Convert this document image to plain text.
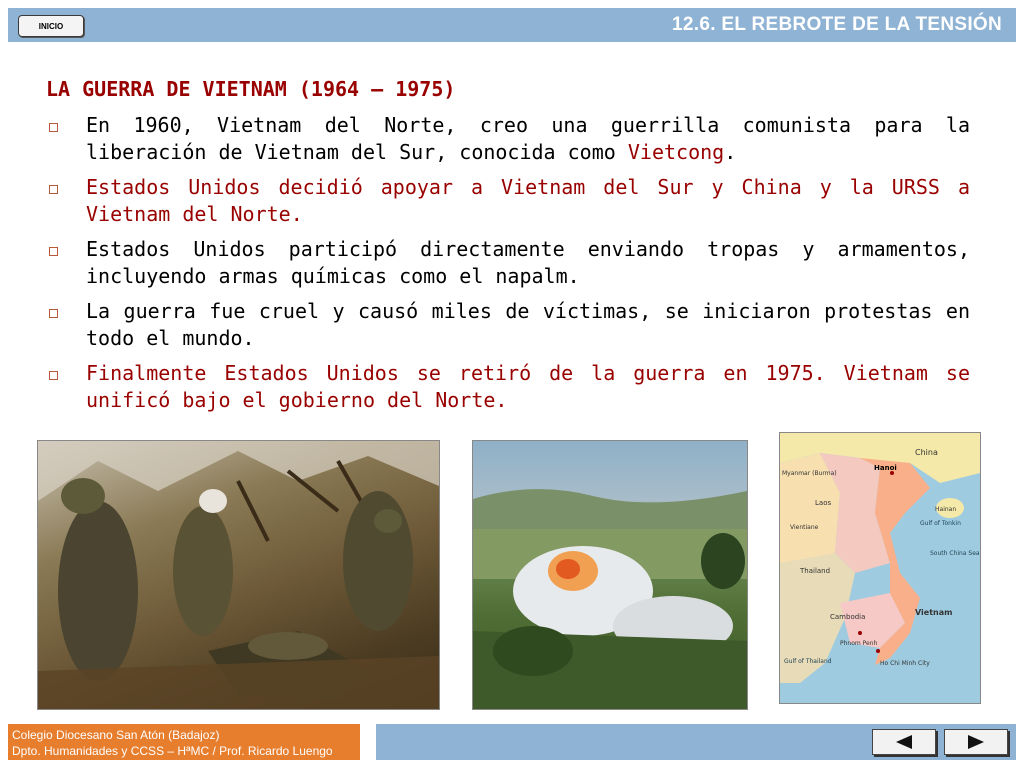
INICIO	12.6. EL REBROTE DE LA TENSIÓN
LA GUERRA DE VIETNAM (1964 – 1975)
En 1960, Vietnam del Norte, creo una guerrilla comunista para la liberación de Vietnam del Sur, conocida como Vietcong.
Estados Unidos decidió apoyar a Vietnam del Sur y China y la URSS a Vietnam del Norte.
Estados Unidos participó directamente enviando tropas y armamentos, incluyendo armas químicas como el napalm.
La guerra fue cruel y causó miles de víctimas, se iniciaron protestas en todo el mundo.
Finalmente Estados Unidos se retiró de la guerra en 1975. Vietnam se unificó bajo el gobierno del Norte.
China
Hanoi
Myanmar (Burma)
Laos
Vientiane
Thailand
Cambodia	Vietnam
Gulf of Tonkin
South China Sea
Hainan
Gulf of Thailand
Phnom Penh
Ho Chi Minh City
Colegio Diocesano San Atón (Badajoz)
Dpto. Humanidades y CCSS – HªMC / Prof. Ricardo Luengo
